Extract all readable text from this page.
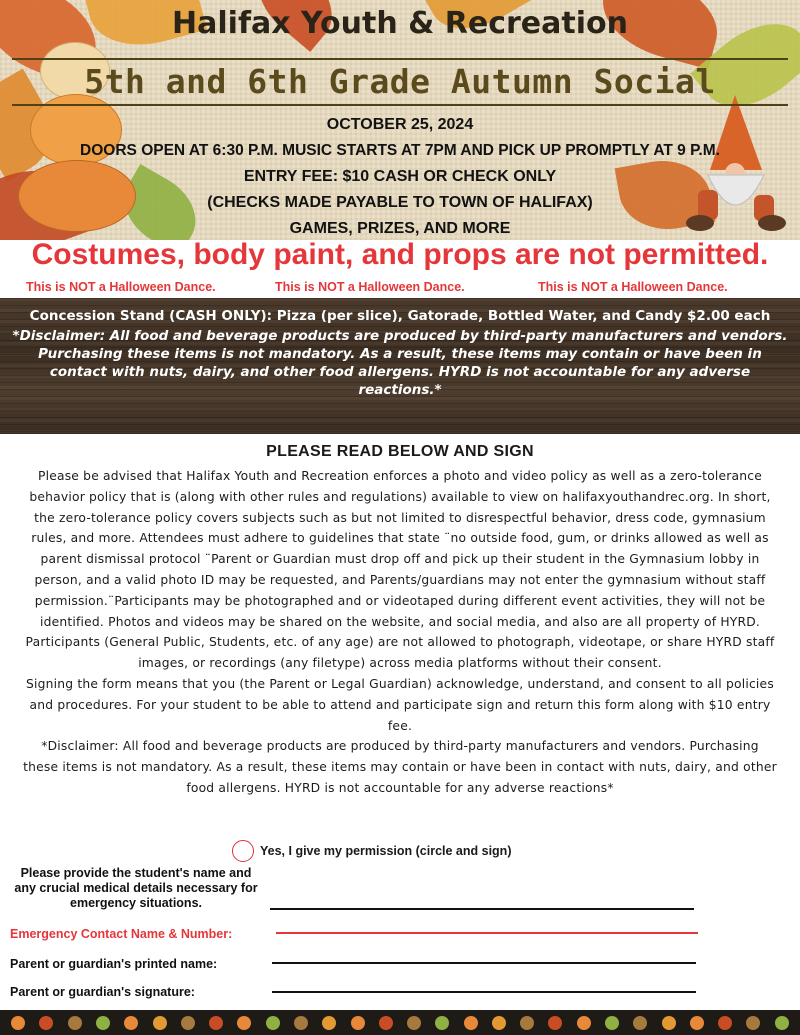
Halifax Youth & Recreation
5th and 6th Grade Autumn Social
OCTOBER 25, 2024
DOORS OPEN AT 6:30 P.M. MUSIC STARTS AT 7PM AND PICK UP PROMPTLY AT 9 P.M.
ENTRY FEE: $10 CASH OR CHECK ONLY
(CHECKS MADE PAYABLE TO TOWN OF HALIFAX)
GAMES, PRIZES, AND MORE
Costumes, body paint, and props are not permitted.
This is NOT a Halloween Dance.	This is NOT a Halloween Dance.	This is NOT a Halloween Dance.
Concession Stand (CASH ONLY): Pizza (per slice), Gatorade, Bottled Water, and Candy $2.00 each
*Disclaimer: All food and beverage products are produced by third-party manufacturers and vendors. Purchasing these items is not mandatory. As a result, these items may contain or have been in contact with nuts, dairy, and other food allergens. HYRD is not accountable for any adverse reactions.*
PLEASE READ BELOW AND SIGN

Please be advised that Halifax Youth and Recreation enforces a photo and video policy as well as a zero-tolerance behavior policy that is (along with other rules and regulations) available to view on halifaxyouthandrec.org. In short, the zero-tolerance policy covers subjects such as but not limited to disrespectful behavior, dress code, gymnasium rules, and more. Attendees must adhere to guidelines that state ¨no outside food, gum, or drinks allowed as well as parent dismissal protocol ¨Parent or Guardian must drop off and pick up their student in the Gymnasium lobby in person, and a valid photo ID may be requested, and Parents/guardians may not enter the gymnasium without staff permission.¨Participants may be photographed and or videotaped during different event activities, they will not be identified. Photos and videos may be shared on the website, and social media, and also are all property of HYRD. Participants (General Public, Students, etc. of any age) are not allowed to photograph, videotape, or share HYRD staff images, or recordings (any filetype) across media platforms without their consent.

Signing the form means that you (the Parent or Legal Guardian) acknowledge, understand, and consent to all policies and procedures. For your student to be able to attend and participate sign and return this form along with $10 entry fee.

*Disclaimer: All food and beverage products are produced by third-party manufacturers and vendors. Purchasing these items is not mandatory. As a result, these items may contain or have been in contact with nuts, dairy, and other food allergens. HYRD is not accountable for any adverse reactions*

Yes, I give my permission (circle and sign)
Please provide the student's name and any crucial medical details necessary for emergency situations.
Emergency Contact Name & Number:
Parent or guardian's printed name:
Parent or guardian's signature:
